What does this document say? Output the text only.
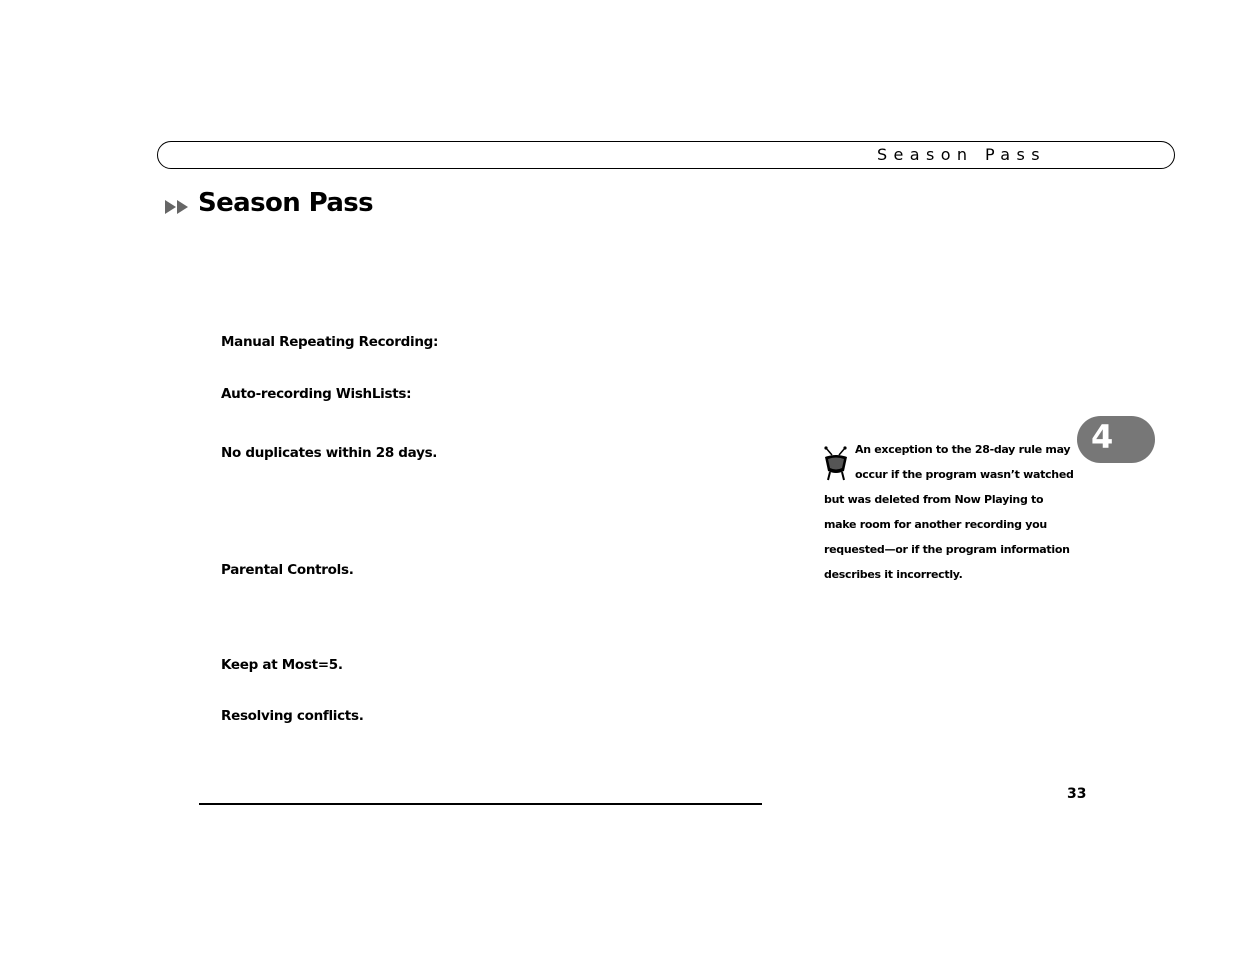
Season Pass
Season Pass
Manual Repeating Recording:
Auto-recording WishLists:
No duplicates within 28 days.
Parental Controls.
Keep at Most=5.
Resolving conflicts.
4
An exception to the 28-day rule may
occur if the program wasn’t watched
but was deleted from Now Playing to
make room for another recording you
requested—or if the program information
describes it incorrectly.
33
